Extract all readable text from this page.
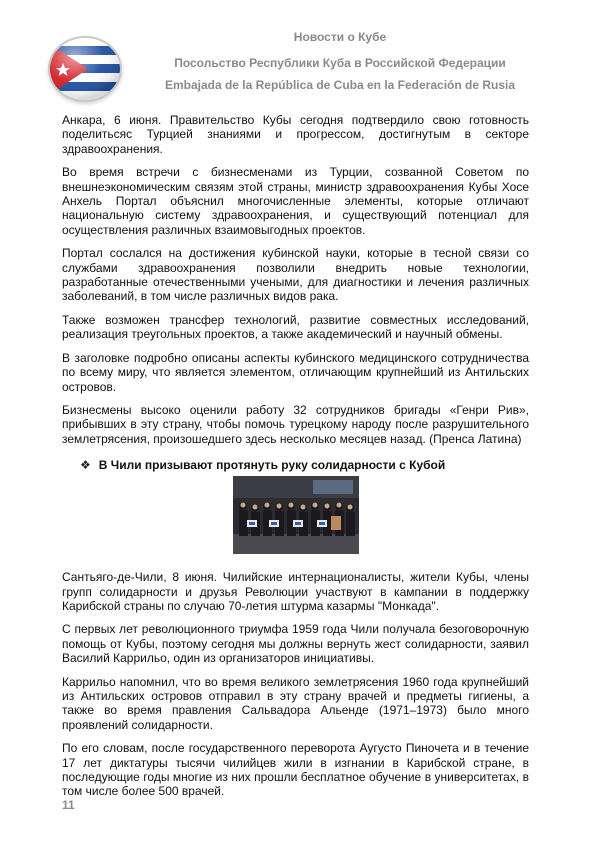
Новости о Кубе
Посольство Республики Куба в Российской Федерации
Embajada de la República de Cuba en la Federación de Rusia

Анкара, 6 июня. Правительство Кубы сегодня подтвердило свою готовность поделитьсяс Турцией знаниями и прогрессом, достигнутым в секторе здравоохранения.

Во время встречи с бизнесменами из Турции, созванной Советом по внешнеэкономическим связям этой страны, министр здравоохранения Кубы Хосе Анхель Портал объяснил многочисленные элементы, которые отличают национальную систему здравоохранения, и существующий потенциал для осуществления различных взаимовыгодных проектов.

Портал сослался на достижения кубинской науки, которые в тесной связи со службами здравоохранения позволили внедрить новые технологии, разработанные отечественными учеными, для диагностики и лечения различных заболеваний, в том числе различных видов рака.

Также возможен трансфер технологий, развитие совместных исследований, реализация треугольных проектов, а также академический и научный обмены.

В заголовке подробно описаны аспекты кубинского медицинского сотрудничества по всему миру, что является элементом, отличающим крупнейший из Антильских островов.

Бизнесмены высоко оценили работу 32 сотрудников бригады «Генри Рив», прибывших в эту страну, чтобы помочь турецкому народу после разрушительного землетрясения, произошедшего здесь несколько месяцев назад. (Пренса Латина)

❖ В Чили призывают протянуть руку солидарности с Кубой

Сантьяго-де-Чили, 8 июня. Чилийские интернационалисты, жители Кубы, члены групп солидарности и друзья Революции участвуют в кампании в поддержку Карибской страны по случаю 70-летия штурма казармы "Монкада".

С первых лет революционного триумфа 1959 года Чили получала безоговорочную помощь от Кубы, поэтому сегодня мы должны вернуть жест солидарности, заявил Василий Каррильо, один из организаторов инициативы.

Каррильо напомнил, что во время великого землетрясения 1960 года крупнейший из Антильских островов отправил в эту страну врачей и предметы гигиены, а также во время правления Сальвадора Альенде (1971–1973) было много проявлений солидарности.

По его словам, после государственного переворота Аугусто Пиночета и в течение 17 лет диктатуры тысячи чилийцев жили в изгнании в Карибской стране, в последующие годы многие из них прошли бесплатное обучение в университетах, в том числе более 500 врачей.

11
